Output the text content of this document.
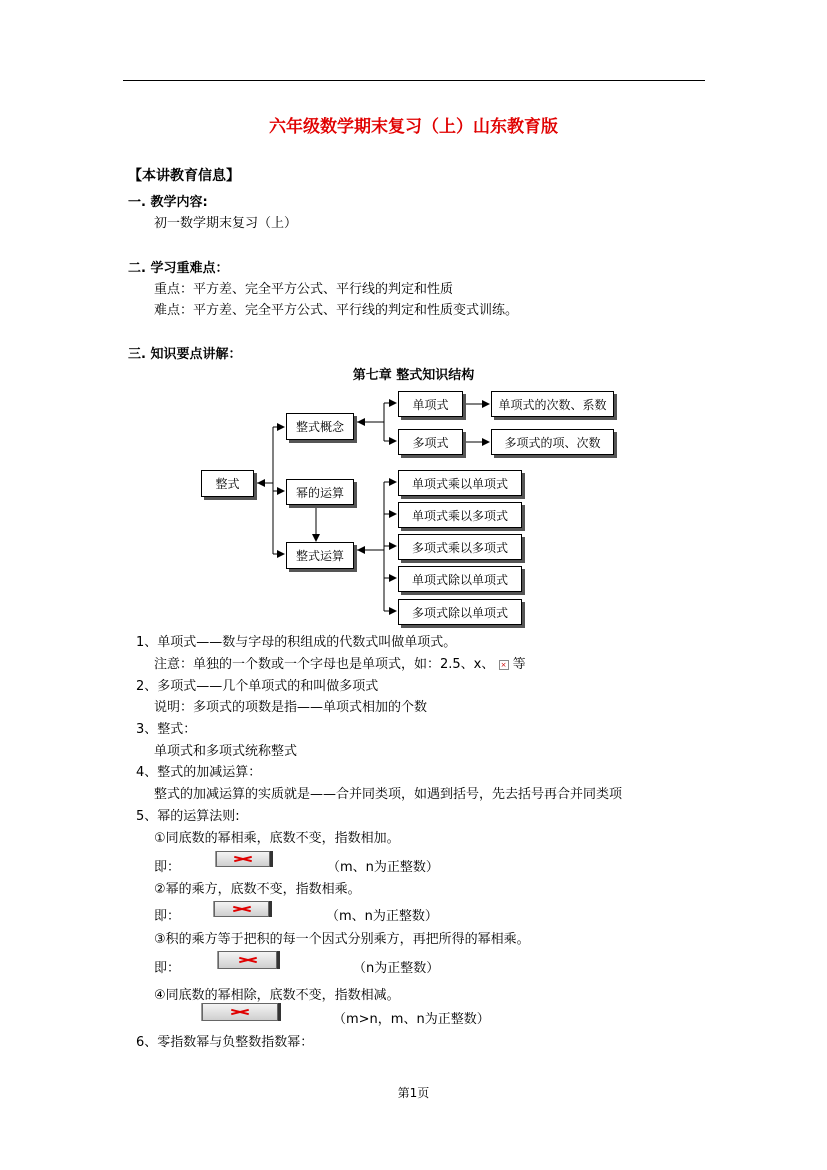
六年级数学期末复习（上）山东教育版
【本讲教育信息】
一. 教学内容:
初一数学期末复习（上）
二. 学习重难点：
重点：平方差、完全平方公式、平行线的判定和性质
难点：平方差、完全平方公式、平行线的判定和性质变式训练。
三. 知识要点讲解：
第七章 整式知识结构
整式
整式概念
幂的运算
整式运算
单项式
多项式
单项式的次数、系数
多项式的项、次数
单项式乘以单项式
单项式乘以多项式
多项式乘以多项式
单项式除以单项式
多项式除以单项式
1、单项式——数与字母的积组成的代数式叫做单项式。
注意：单独的一个数或一个字母也是单项式，如：2.5、x、 × 等
2、多项式——几个单项式的和叫做多项式
说明：多项式的项数是指——单项式相加的个数
3、整式：
单项式和多项式统称整式
4、整式的加减运算：
整式的加减运算的实质就是——合并同类项，如遇到括号，先去括号再合并同类项
5、幂的运算法则:
①同底数的幂相乘，底数不变，指数相加。
即：	（m、n为正整数）
②幂的乘方，底数不变，指数相乘。
即：	（m、n为正整数）
③积的乘方等于把积的每一个因式分别乘方，再把所得的幂相乘。
即：	（n为正整数）
④同底数的幂相除，底数不变，指数相减。
（m>n，m、n为正整数）
6、零指数幂与负整数指数幂：
第1页
